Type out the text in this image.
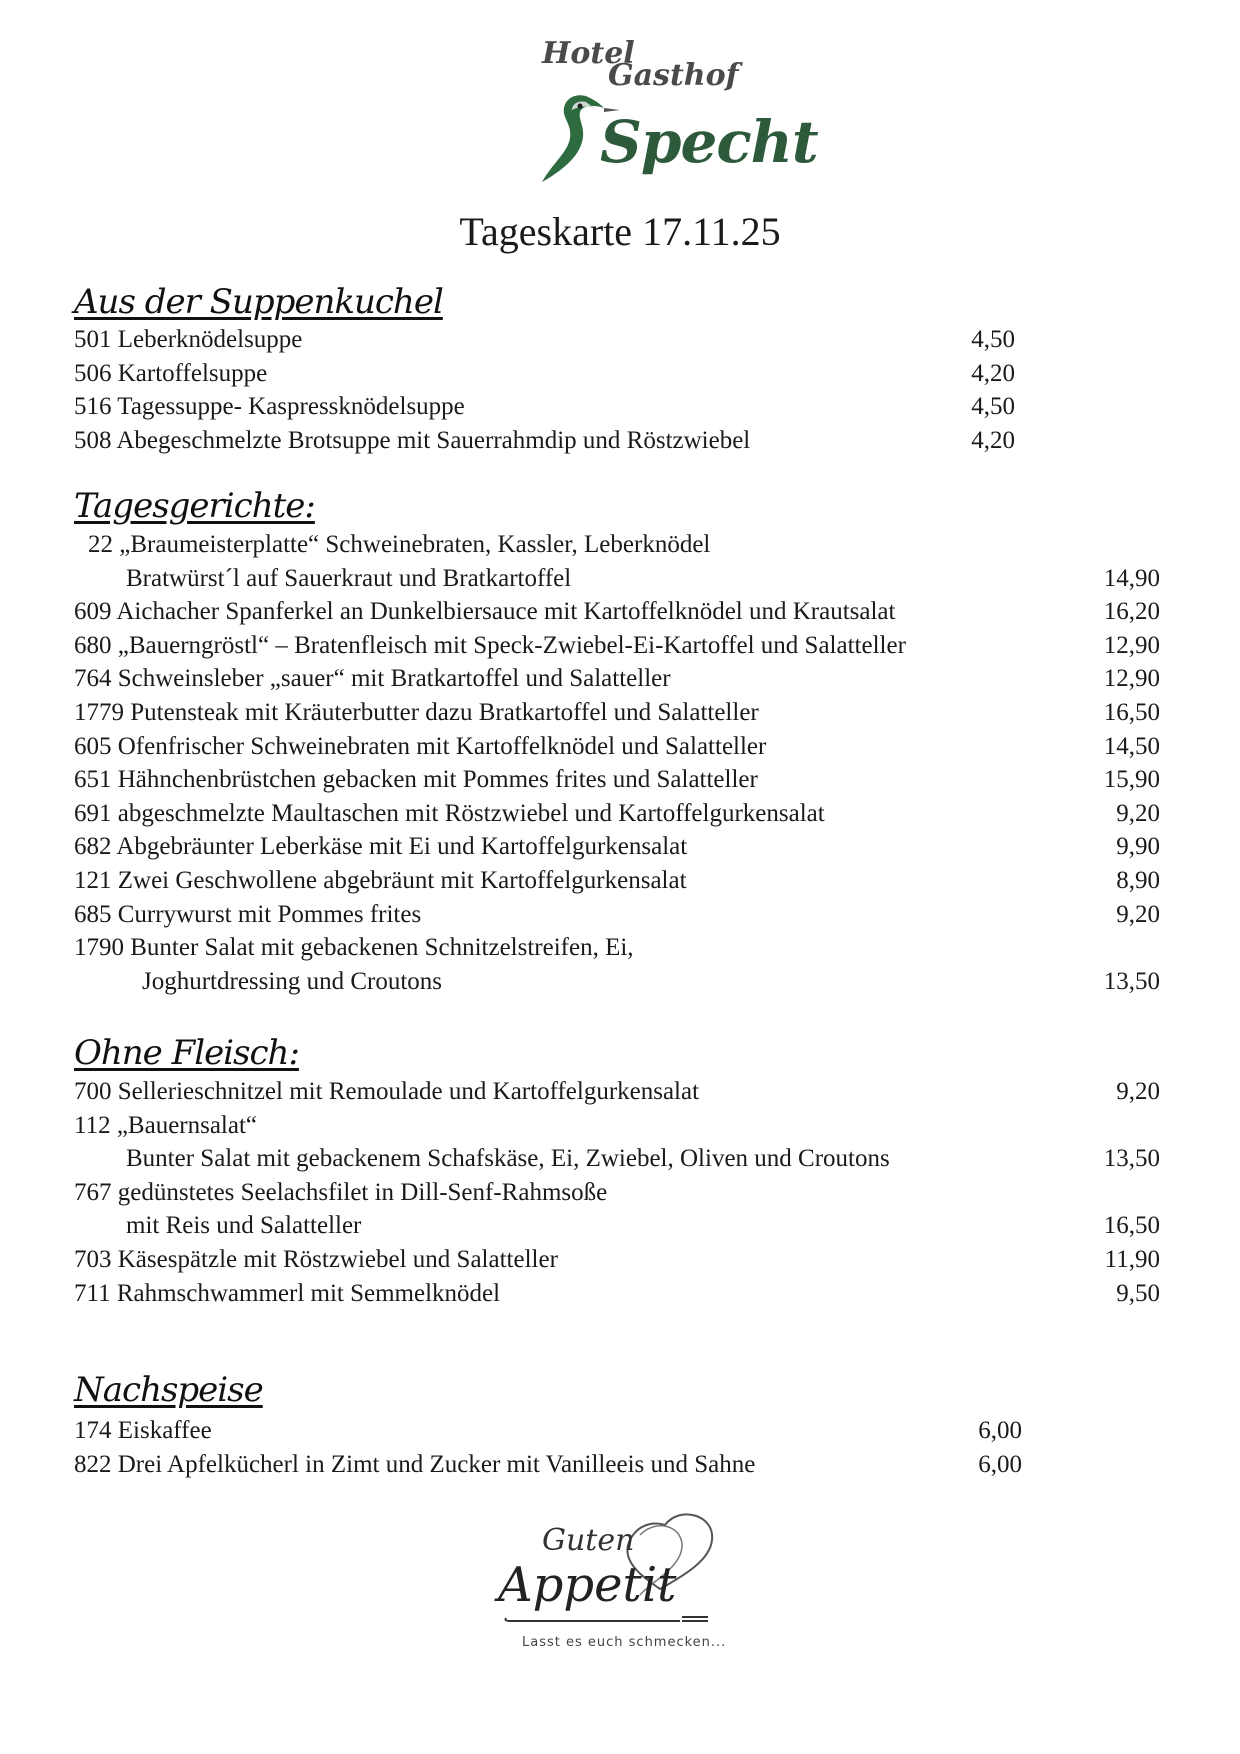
Hotel
Gasthof
Specht
Tageskarte 17.11.25
Aus der Suppenkuchel
501 Leberknödelsuppe	4,50
506 Kartoffelsuppe	4,20
516 Tagessuppe- Kaspressknödelsuppe	4,50
508 Abegeschmelzte Brotsuppe mit Sauerrahmdip und Röstzwiebel	4,20
Tagesgerichte:
22 „Braumeisterplatte“ Schweinebraten, Kassler, Leberknödel
Bratwürst´l auf Sauerkraut und Bratkartoffel	14,90
609 Aichacher Spanferkel an Dunkelbiersauce mit Kartoffelknödel und Krautsalat	16,20
680 „Bauerngröstl“ – Bratenfleisch mit Speck-Zwiebel-Ei-Kartoffel und Salatteller	12,90
764 Schweinsleber „sauer“ mit Bratkartoffel und Salatteller	12,90
1779 Putensteak mit Kräuterbutter dazu Bratkartoffel und Salatteller	16,50
605 Ofenfrischer Schweinebraten mit Kartoffelknödel und Salatteller	14,50
651 Hähnchenbrüstchen gebacken mit Pommes frites und Salatteller	15,90
691 abgeschmelzte Maultaschen mit Röstzwiebel und Kartoffelgurkensalat	9,20
682 Abgebräunter Leberkäse mit Ei und Kartoffelgurkensalat	9,90
121 Zwei Geschwollene abgebräunt mit Kartoffelgurkensalat	8,90
685 Currywurst mit Pommes frites	9,20
1790 Bunter Salat mit gebackenen Schnitzelstreifen, Ei,
Joghurtdressing und Croutons	13,50
Ohne Fleisch:
700 Sellerieschnitzel mit Remoulade und Kartoffelgurkensalat	9,20
112 „Bauernsalat“
Bunter Salat mit gebackenem Schafskäse, Ei, Zwiebel, Oliven und Croutons	13,50
767 gedünstetes Seelachsfilet in Dill-Senf-Rahmsoße
mit Reis und Salatteller	16,50
703 Käsespätzle mit Röstzwiebel und Salatteller	11,90
711 Rahmschwammerl mit Semmelknödel	9,50
Nachspeise
174 Eiskaffee	6,00
822 Drei Apfelkücherl in Zimt und Zucker mit Vanilleeis und Sahne	6,00
Guten
Appetit
Lasst es euch schmecken...
